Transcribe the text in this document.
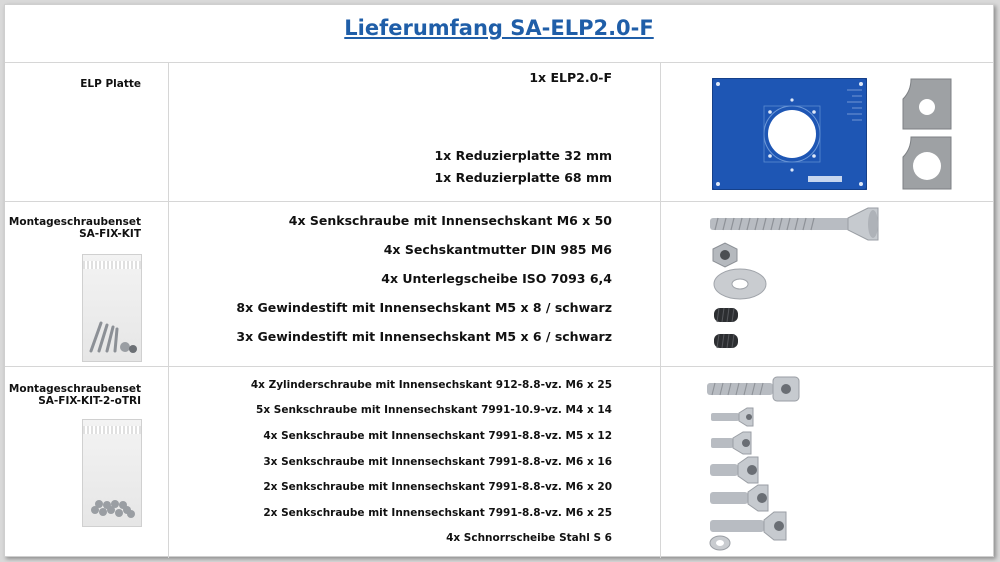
Lieferumfang SA-ELP2.0-F
ELP Platte	1x ELP2.0-F
1x Reduzierplatte 32 mm
1x Reduzierplatte 68 mm
Montageschraubenset
SA-FIX-KIT
4x Senkschraube mit Innensechskant M6 x 50
4x Sechskantmutter DIN 985 M6
4x Unterlegscheibe ISO 7093 6,4
8x Gewindestift mit Innensechskant M5 x 8 / schwarz
3x Gewindestift mit Innensechskant M5 x 6 / schwarz
Montageschraubenset
SA-FIX-KIT-2-oTRI
4x Zylinderschraube mit Innensechskant 912-8.8-vz. M6 x 25
5x Senkschraube mit Innensechskant 7991-10.9-vz. M4 x 14
4x Senkschraube mit Innensechskant 7991-8.8-vz. M5 x 12
3x Senkschraube mit Innensechskant 7991-8.8-vz. M6 x 16
2x Senkschraube mit Innensechskant 7991-8.8-vz. M6 x 20
2x Senkschraube mit Innensechskant 7991-8.8-vz. M6 x 25
4x Schnorrscheibe Stahl S 6
